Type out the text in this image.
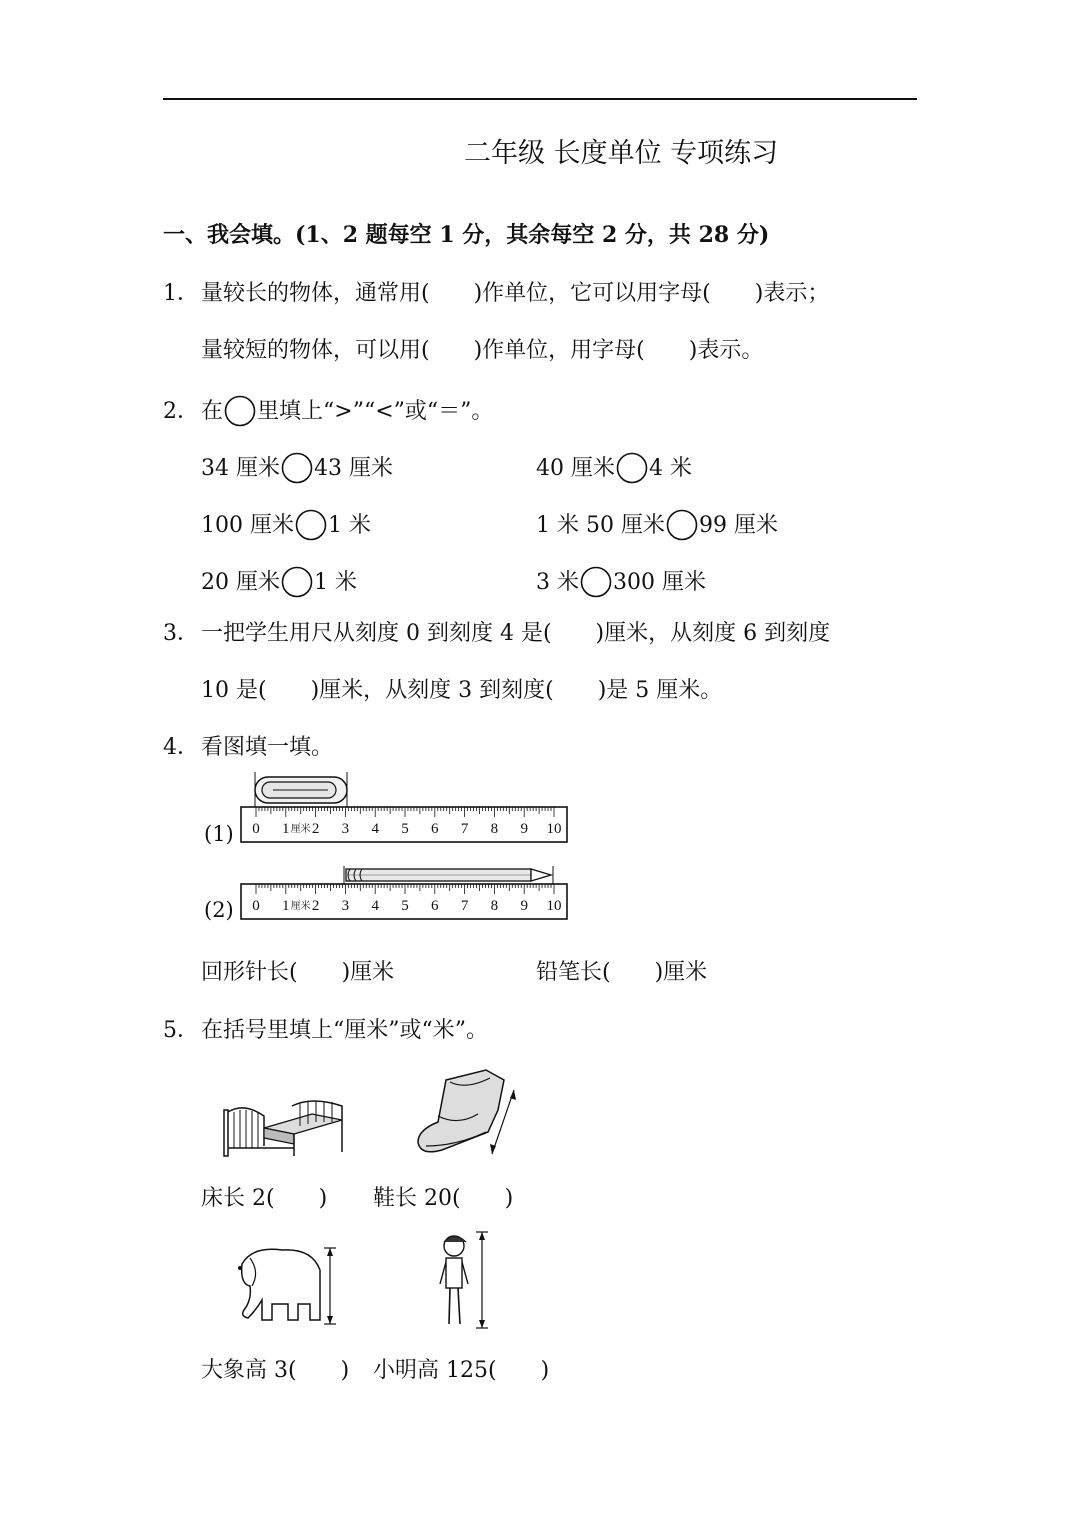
二年级 长度单位 专项练习
一、我会填。(1、2 题每空 1 分，其余每空 2 分，共 28 分)
1．量较长的物体，通常用(　　)作单位，它可以用字母(　　)表示；
量较短的物体，可以用(　　)作单位，用字母(　　)表示。
2．在 里填上“>”“<”或“＝”。
34 厘米 43 厘米	40 厘米 4 米
100 厘米 1 米	1 米 50 厘米 99 厘米
20 厘米 1 米	3 米 300 厘米
3．一把学生用尺从刻度 0 到刻度 4 是(　　)厘米，从刻度 6 到刻度
10 是(　　)厘米，从刻度 3 到刻度(　　)是 5 厘米。
4．看图填一填。
(1)
(2)
0 1 2 3 4 5 6 7 8 9 10
厘米
0 1 2 3 4 5 6 7 8 9 10
厘米
回形针长(　　)厘米	铅笔长(　　)厘米
5．在括号里填上“厘米”或“米”。
床长 2(　　) 鞋长 20(　　)
大象高 3(　　) 小明高 125(　　)
